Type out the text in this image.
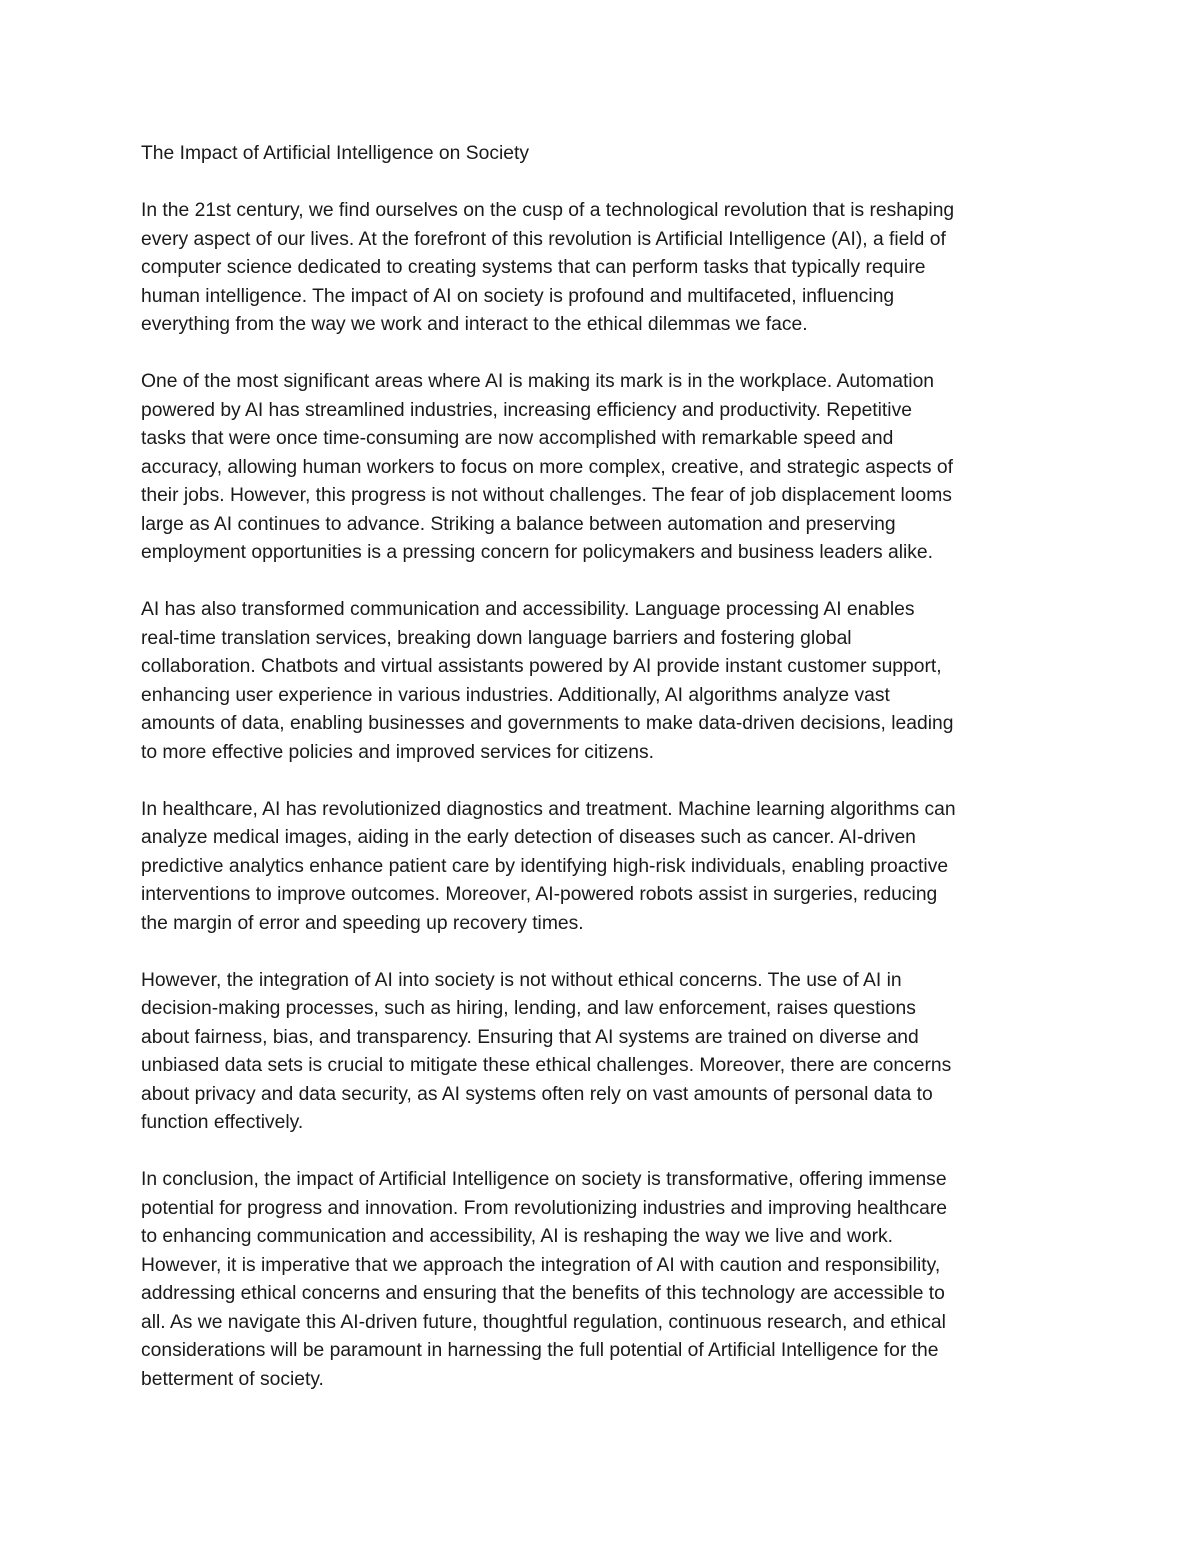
The Impact of Artificial Intelligence on Society

In the 21st century, we find ourselves on the cusp of a technological revolution that is reshaping
every aspect of our lives. At the forefront of this revolution is Artificial Intelligence (AI), a field of
computer science dedicated to creating systems that can perform tasks that typically require
human intelligence. The impact of AI on society is profound and multifaceted, influencing
everything from the way we work and interact to the ethical dilemmas we face.

One of the most significant areas where AI is making its mark is in the workplace. Automation
powered by AI has streamlined industries, increasing efficiency and productivity. Repetitive
tasks that were once time-consuming are now accomplished with remarkable speed and
accuracy, allowing human workers to focus on more complex, creative, and strategic aspects of
their jobs. However, this progress is not without challenges. The fear of job displacement looms
large as AI continues to advance. Striking a balance between automation and preserving
employment opportunities is a pressing concern for policymakers and business leaders alike.

AI has also transformed communication and accessibility. Language processing AI enables
real-time translation services, breaking down language barriers and fostering global
collaboration. Chatbots and virtual assistants powered by AI provide instant customer support,
enhancing user experience in various industries. Additionally, AI algorithms analyze vast
amounts of data, enabling businesses and governments to make data-driven decisions, leading
to more effective policies and improved services for citizens.

In healthcare, AI has revolutionized diagnostics and treatment. Machine learning algorithms can
analyze medical images, aiding in the early detection of diseases such as cancer. AI-driven
predictive analytics enhance patient care by identifying high-risk individuals, enabling proactive
interventions to improve outcomes. Moreover, AI-powered robots assist in surgeries, reducing
the margin of error and speeding up recovery times.

However, the integration of AI into society is not without ethical concerns. The use of AI in
decision-making processes, such as hiring, lending, and law enforcement, raises questions
about fairness, bias, and transparency. Ensuring that AI systems are trained on diverse and
unbiased data sets is crucial to mitigate these ethical challenges. Moreover, there are concerns
about privacy and data security, as AI systems often rely on vast amounts of personal data to
function effectively.

In conclusion, the impact of Artificial Intelligence on society is transformative, offering immense
potential for progress and innovation. From revolutionizing industries and improving healthcare
to enhancing communication and accessibility, AI is reshaping the way we live and work.
However, it is imperative that we approach the integration of AI with caution and responsibility,
addressing ethical concerns and ensuring that the benefits of this technology are accessible to
all. As we navigate this AI-driven future, thoughtful regulation, continuous research, and ethical
considerations will be paramount in harnessing the full potential of Artificial Intelligence for the
betterment of society.
